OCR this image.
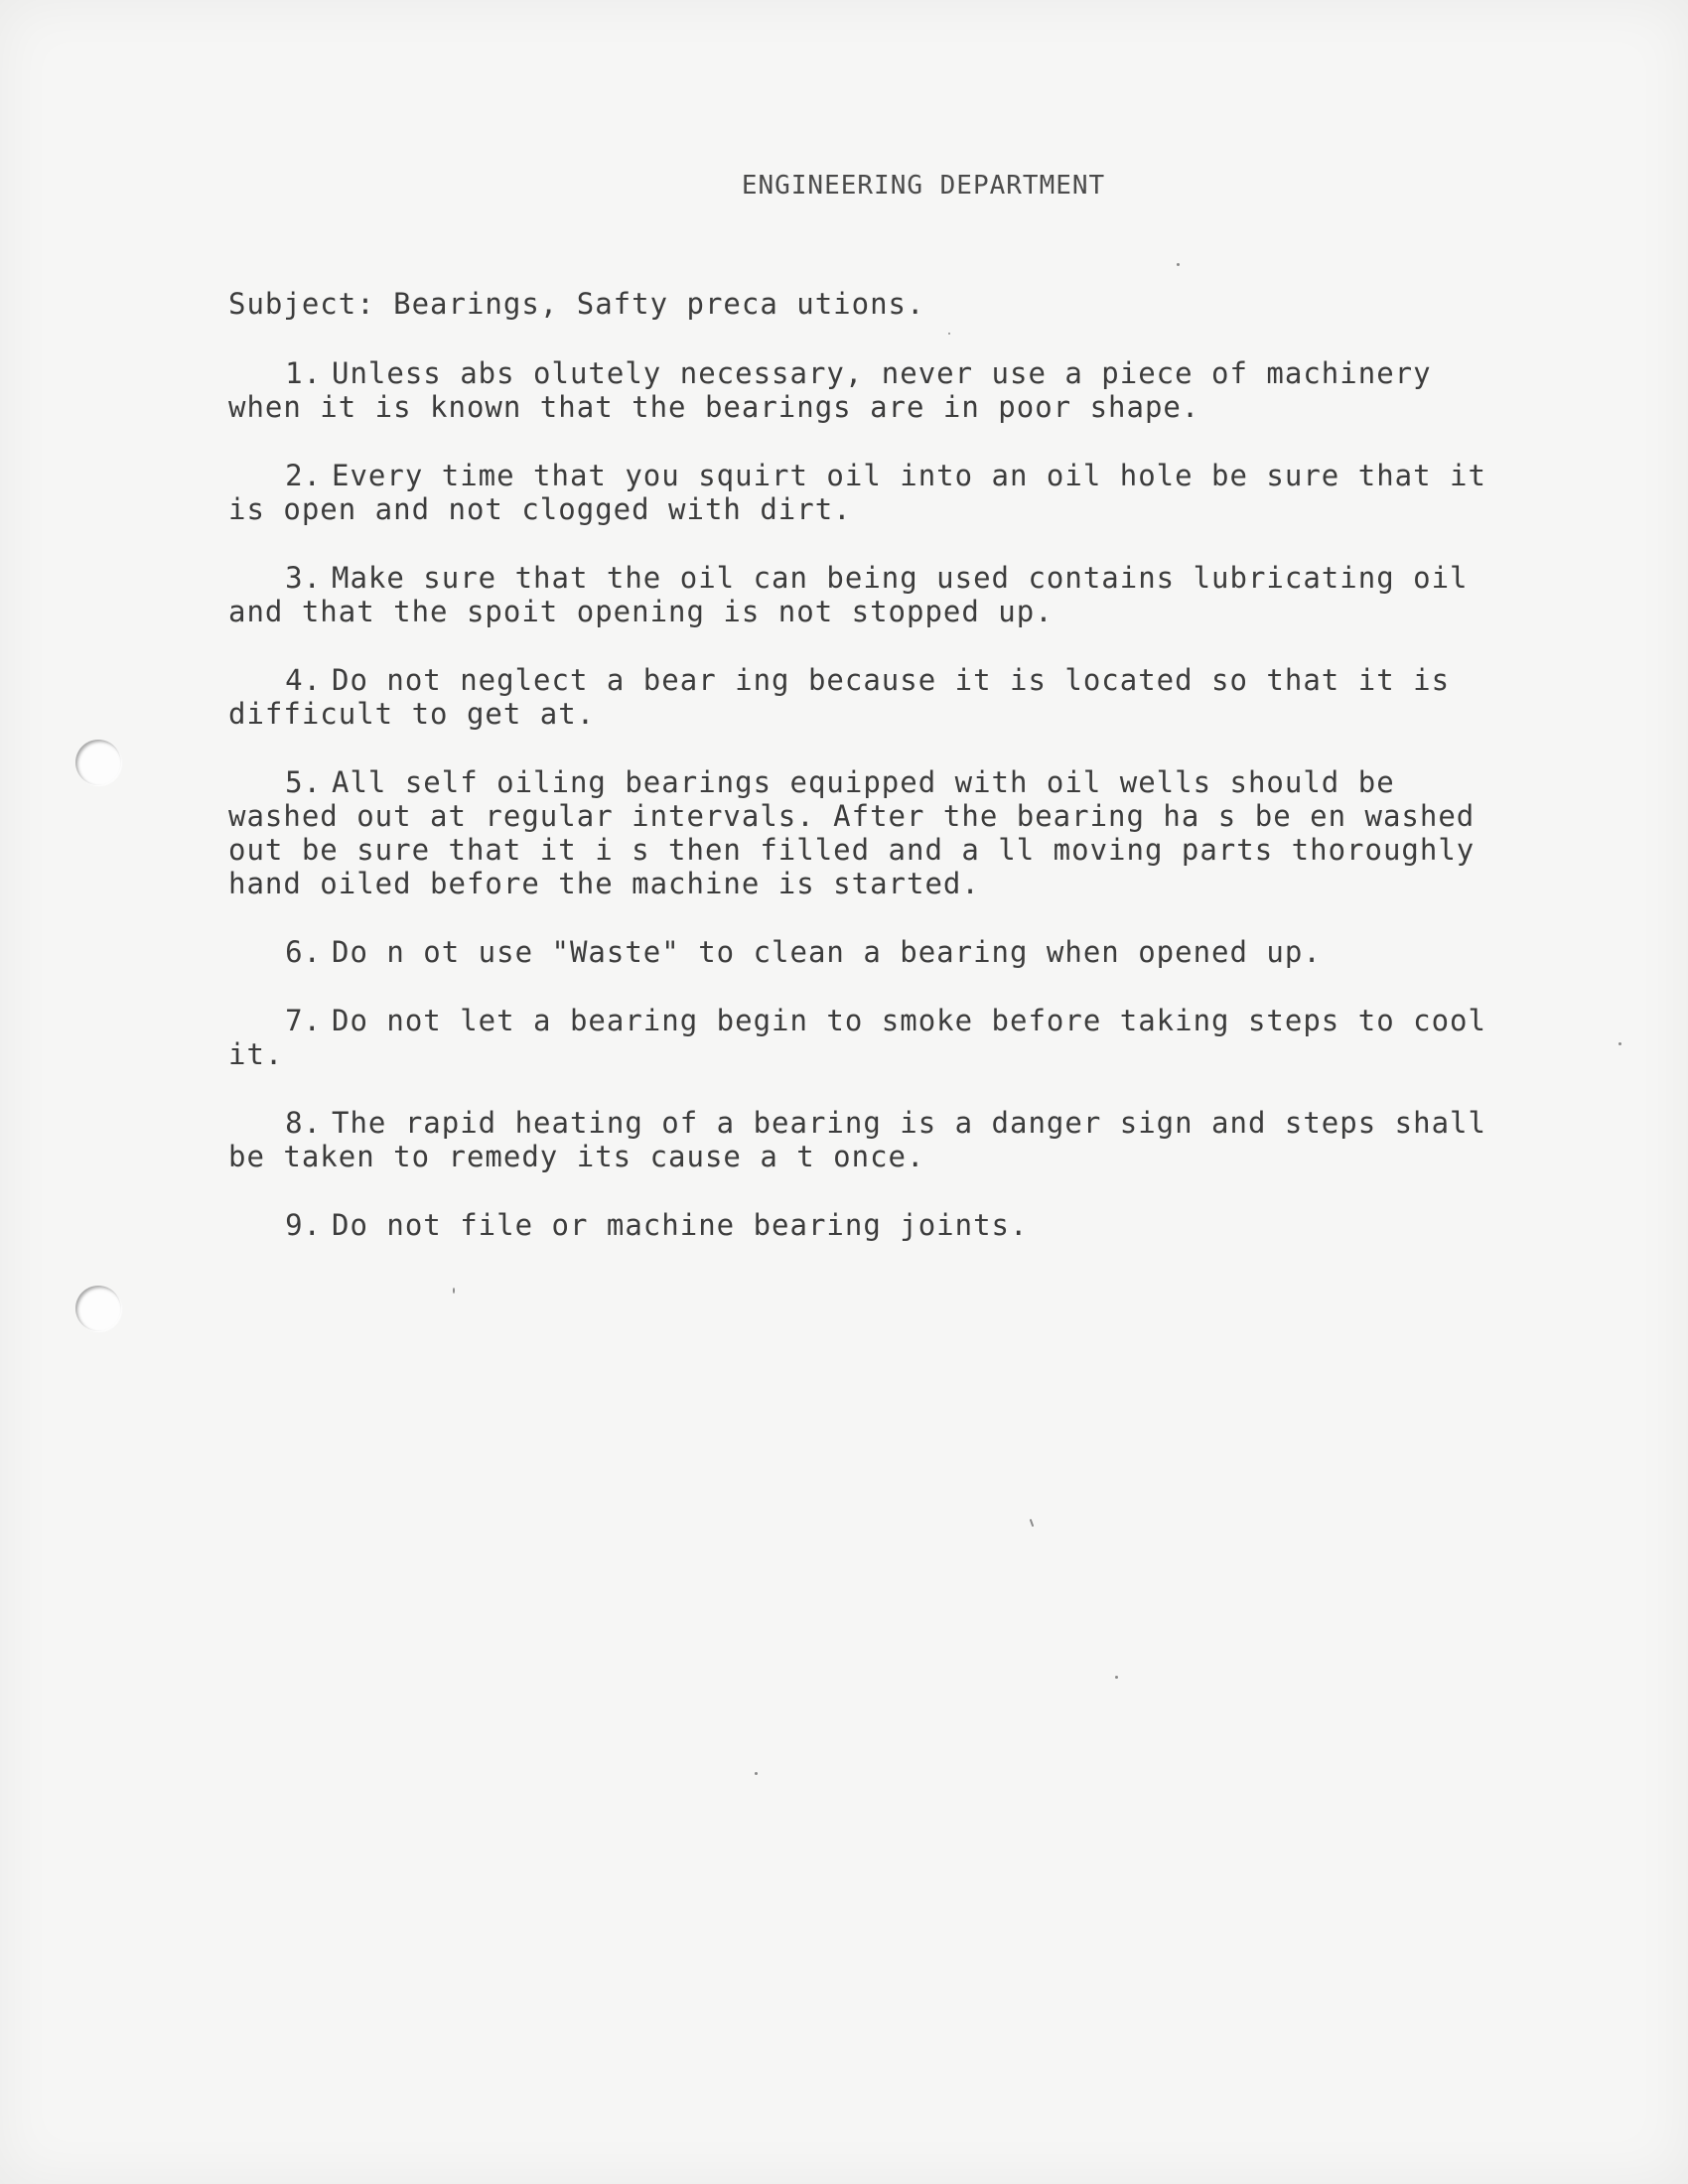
ENGINEERING DEPARTMENT
Subject: Bearings, Safty preca utions.
1. Unless abs olutely necessary, never use a piece of machinery when it is known that the bearings are in poor shape.
2. Every time that you squirt oil into an oil hole be sure that it is open and not clogged with dirt.
3. Make sure that the oil can being used contains lubricating oil and that the spoit opening is not stopped up.
4. Do not neglect a bear ing because it is located so that it is difficult to get at.
5. All self oiling bearings equipped with oil wells should be washed out at regular intervals. After the bearing ha s be en washed out be sure that it i s then filled and a ll moving parts thoroughly hand oiled before the machine is started.
6. Do n ot use "Waste" to clean a bearing when opened up.
7. Do not let a bearing begin to smoke before taking steps to cool it.
8. The rapid heating of a bearing is a danger sign and steps shall be taken to remedy its cause a t once.
9. Do not file or machine bearing joints.
